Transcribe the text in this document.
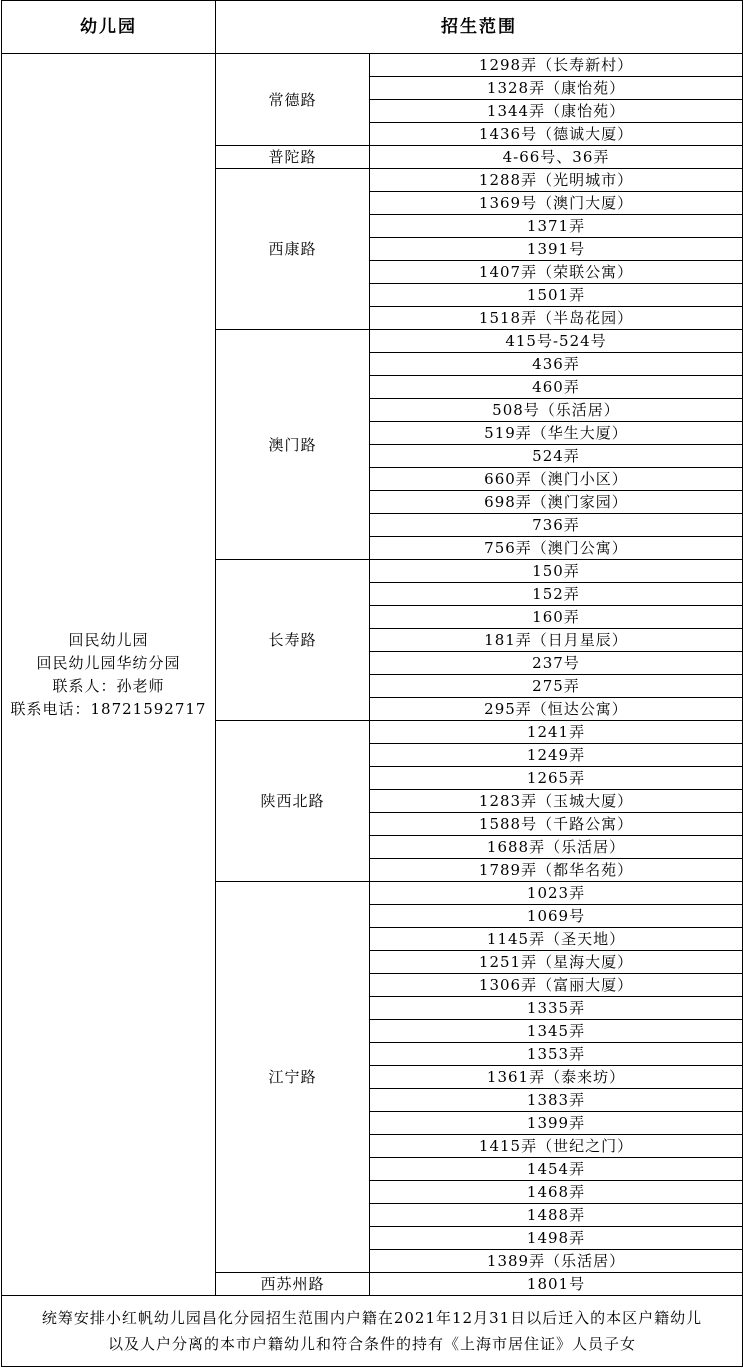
幼儿园	招生范围	

回民幼儿园
回民幼儿园华纺分园
联系人：孙老师
联系电话：18721592717	常德路	1298弄（长寿新村）
		1328弄（康怡苑）
		1344弄（康怡苑）
		1436号（德诚大厦）
	普陀路	4-66号、36弄
	西康路	1288弄（光明城市）
		1369号（澳门大厦）
		1371弄
		1391号
		1407弄（荣联公寓）
		1501弄
		1518弄（半岛花园）
	澳门路	415号-524号
		436弄
		460弄
		508号（乐活居）
		519弄（华生大厦）
		524弄
		660弄（澳门小区）
		698弄（澳门家园）
		736弄
		756弄（澳门公寓）
	长寿路	150弄
		152弄
		160弄
		181弄（日月星辰）
		237号
		275弄
		295弄（恒达公寓）
	陕西北路	1241弄
		1249弄
		1265弄
		1283弄（玉城大厦）
		1588号（千路公寓）
		1688弄（乐活居）
		1789弄（都华名苑）
	江宁路	1023弄
		1069号
		1145弄（圣天地）
		1251弄（星海大厦）
		1306弄（富丽大厦）
		1335弄
		1345弄
		1353弄
		1361弄（泰来坊）
		1383弄
		1399弄
		1415弄（世纪之门）
		1454弄
		1468弄
		1488弄
		1498弄
		1389弄（乐活居）
	西苏州路	1801号

统筹安排小红帆幼儿园昌化分园招生范围内户籍在2021年12月31日以后迁入的本区户籍幼儿
以及人户分离的本市户籍幼儿和符合条件的持有《上海市居住证》人员子女		
